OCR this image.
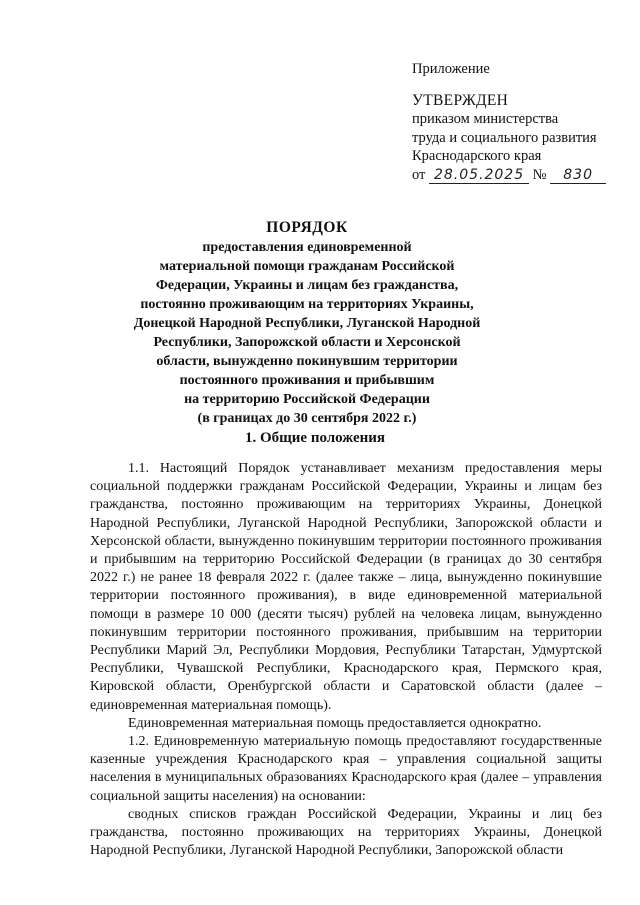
Приложение
УТВЕРЖДЕН
приказом министерства
труда и социального развития
Краснодарского края
от 28.05.2025 № 830
ПОРЯДОК
предоставления единовременной
материальной помощи гражданам Российской
Федерации, Украины и лицам без гражданства,
постоянно проживающим на территориях Украины,
Донецкой Народной Республики, Луганской Народной
Республики, Запорожской области и Херсонской
области, вынужденно покинувшим территории
постоянного проживания и прибывшим
на территорию Российской Федерации
(в границах до 30 сентября 2022 г.)
1. Общие положения

1.1. Настоящий Порядок устанавливает механизм предоставления меры социальной поддержки гражданам Российской Федерации, Украины и лицам без гражданства, постоянно проживающим на территориях Украины, Донецкой Народной Республики, Луганской Народной Республики, Запорожской области и Херсонской области, вынужденно покинувшим территории постоянного проживания и прибывшим на территорию Российской Федерации (в границах до 30 сентября 2022 г.) не ранее 18 февраля 2022 г. (далее также – лица, вынужденно покинувшие территории постоянного проживания), в виде единовременной материальной помощи в размере 10 000 (десяти тысяч) рублей на человека лицам, вынужденно покинувшим территории постоянного проживания, прибывшим на территории Республики Марий Эл, Республики Мордовия, Республики Татарстан, Удмуртской Республики, Чувашской Республики, Краснодарского края, Пермского края, Кировской области, Оренбургской области и Саратовской области (далее – единовременная материальная помощь).

Единовременная материальная помощь предоставляется однократно.

1.2. Единовременную материальную помощь предоставляют государственные казенные учреждения Краснодарского края – управления социальной защиты населения в муниципальных образованиях Краснодарского края (далее – управления социальной защиты населения) на основании:

сводных списков граждан Российской Федерации, Украины и лиц без гражданства, постоянно проживающих на территориях Украины, Донецкой Народной Республики, Луганской Народной Республики, Запорожской области
